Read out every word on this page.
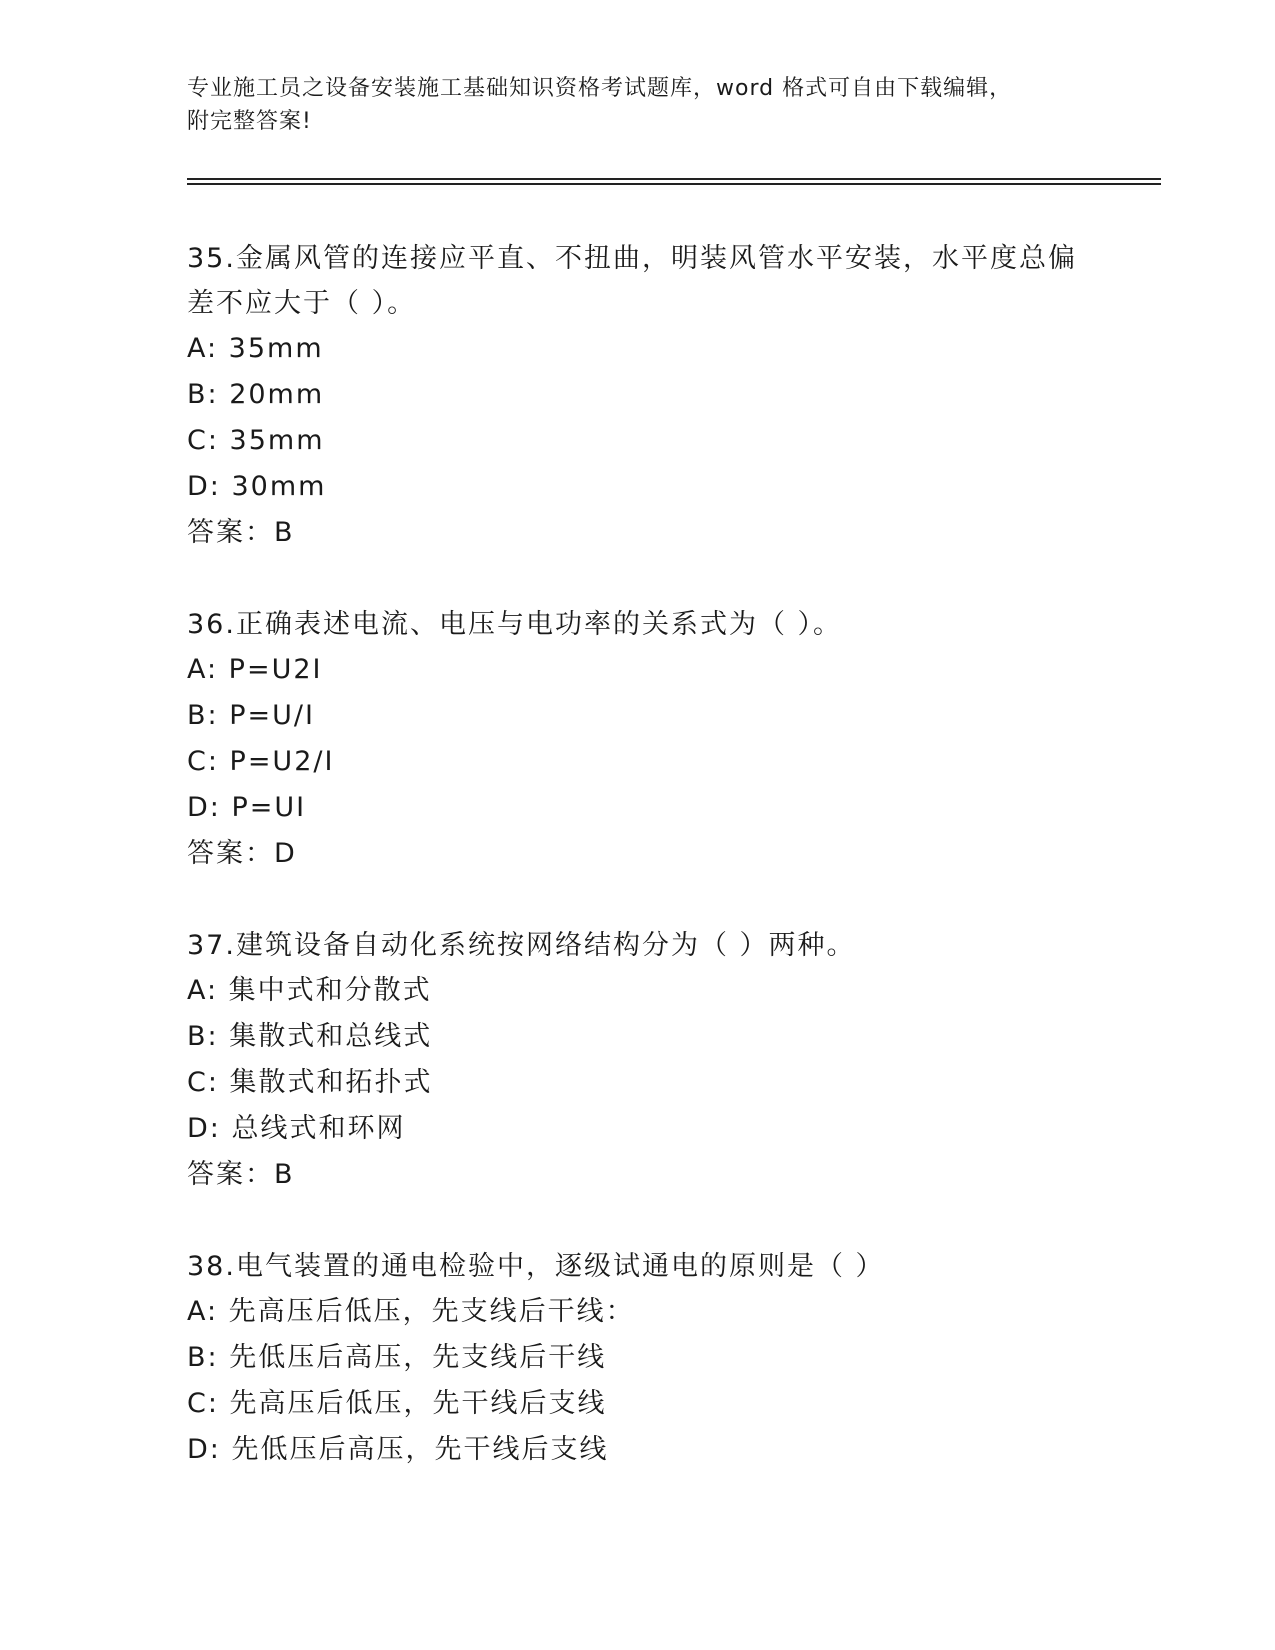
专业施工员之设备安装施工基础知识资格考试题库，word 格式可自由下载编辑，
附完整答案!
35.金属风管的连接应平直、不扭曲，明装风管水平安装，水平度总偏
差不应大于（ ）。
A: 35mm
B: 20mm
C: 35mm
D: 30mm
答案：B
36.正确表述电流、电压与电功率的关系式为（ ）。
A: P=U2I
B: P=U/I
C: P=U2/I
D: P=UI
答案：D
37.建筑设备自动化系统按网络结构分为（ ）两种。
A: 集中式和分散式
B: 集散式和总线式
C: 集散式和拓扑式
D: 总线式和环网
答案：B
38.电气装置的通电检验中，逐级试通电的原则是（ ）
A: 先高压后低压，先支线后干线：
B: 先低压后高压，先支线后干线
C: 先高压后低压，先干线后支线
D: 先低压后高压，先干线后支线
